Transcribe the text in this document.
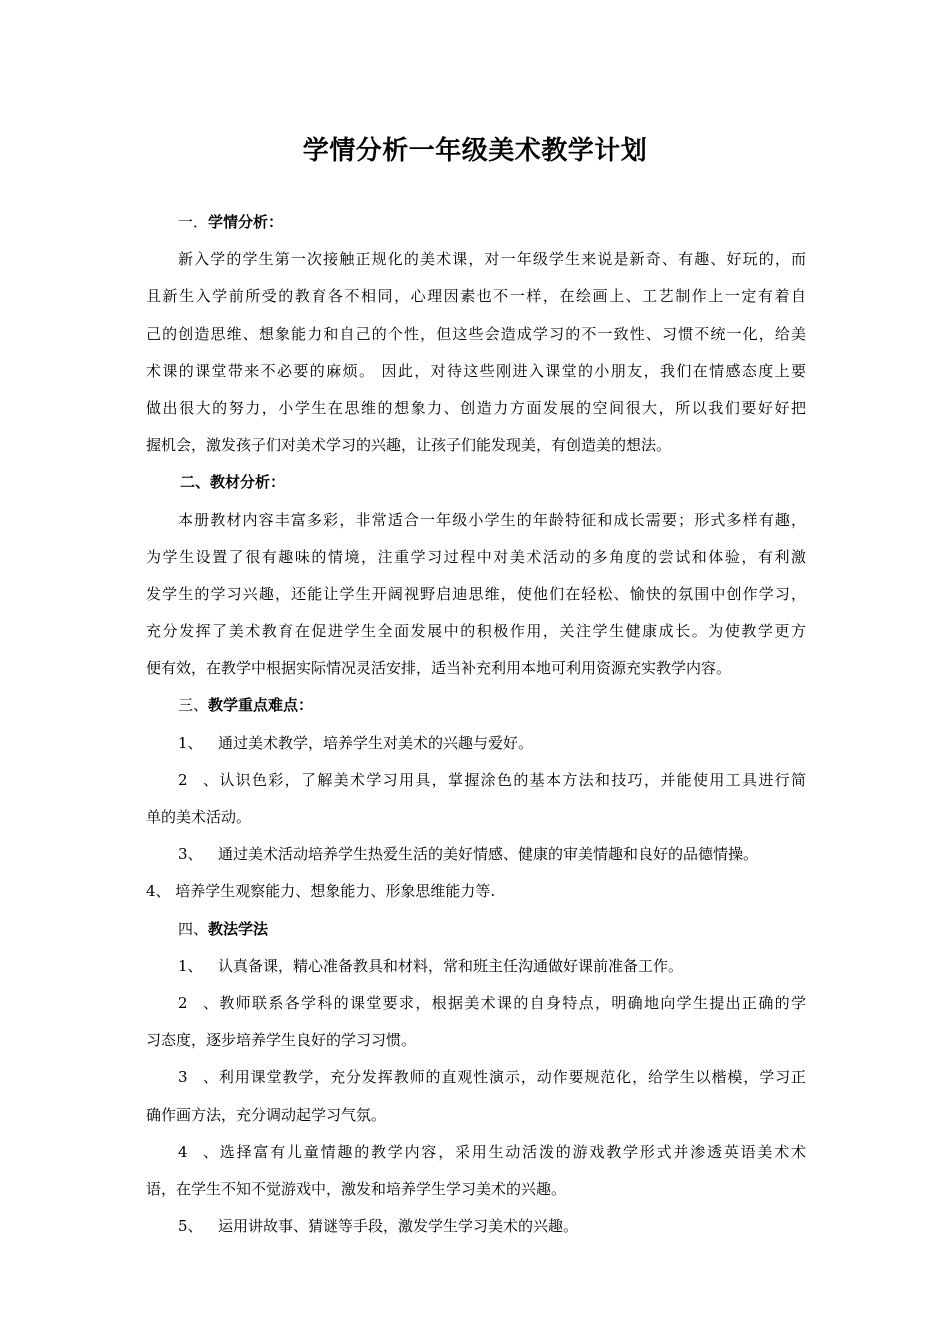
学情分析一年级美术教学计划
一．学情分析：
新入学的学生第一次接触正规化的美术课，对一年级学生来说是新奇、有趣、好玩的，而
且新生入学前所受的教育各不相同，心理因素也不一样，在绘画上、工艺制作上一定有着自
己的创造思维、想象能力和自己的个性，但这些会造成学习的不一致性、习惯不统一化，给美
术课的课堂带来不必要的麻烦。 因此，对待这些刚进入课堂的小朋友，我们在情感态度上要
做出很大的努力，小学生在思维的想象力、创造力方面发展的空间很大，所以我们要好好把
握机会，激发孩子们对美术学习的兴趣，让孩子们能发现美，有创造美的想法。
二、教材分析：
本册教材内容丰富多彩，非常适合一年级小学生的年龄特征和成长需要；形式多样有趣，
为学生设置了很有趣味的情境，注重学习过程中对美术活动的多角度的尝试和体验，有利激
发学生的学习兴趣，还能让学生开阔视野启迪思维，使他们在轻松、愉快的氛围中创作学习，
充分发挥了美术教育在促进学生全面发展中的积极作用，关注学生健康成长。为使教学更方
便有效，在教学中根据实际情况灵活安排，适当补充利用本地可利用资源充实教学内容。
三、教学重点难点：
1、 通过美术教学，培养学生对美术的兴趣与爱好。
2、认识色彩，了解美术学习用具，掌握涂色的基本方法和技巧，并能使用工具进行简
单的美术活动。
3、 通过美术活动培养学生热爱生活的美好情感、健康的审美情趣和良好的品德情操。
4、 培养学生观察能力、想象能力、形象思维能力等.
四、教法学法
1、 认真备课，精心准备教具和材料，常和班主任沟通做好课前准备工作。
2、教师联系各学科的课堂要求，根据美术课的自身特点，明确地向学生提出正确的学
习态度，逐步培养学生良好的学习习惯。
3、利用课堂教学，充分发挥教师的直观性演示，动作要规范化，给学生以楷模，学习正
确作画方法，充分调动起学习气氛。
4、选择富有儿童情趣的教学内容，采用生动活泼的游戏教学形式并渗透英语美术术
语，在学生不知不觉游戏中，激发和培养学生学习美术的兴趣。
5、 运用讲故事、猜谜等手段，激发学生学习美术的兴趣。
